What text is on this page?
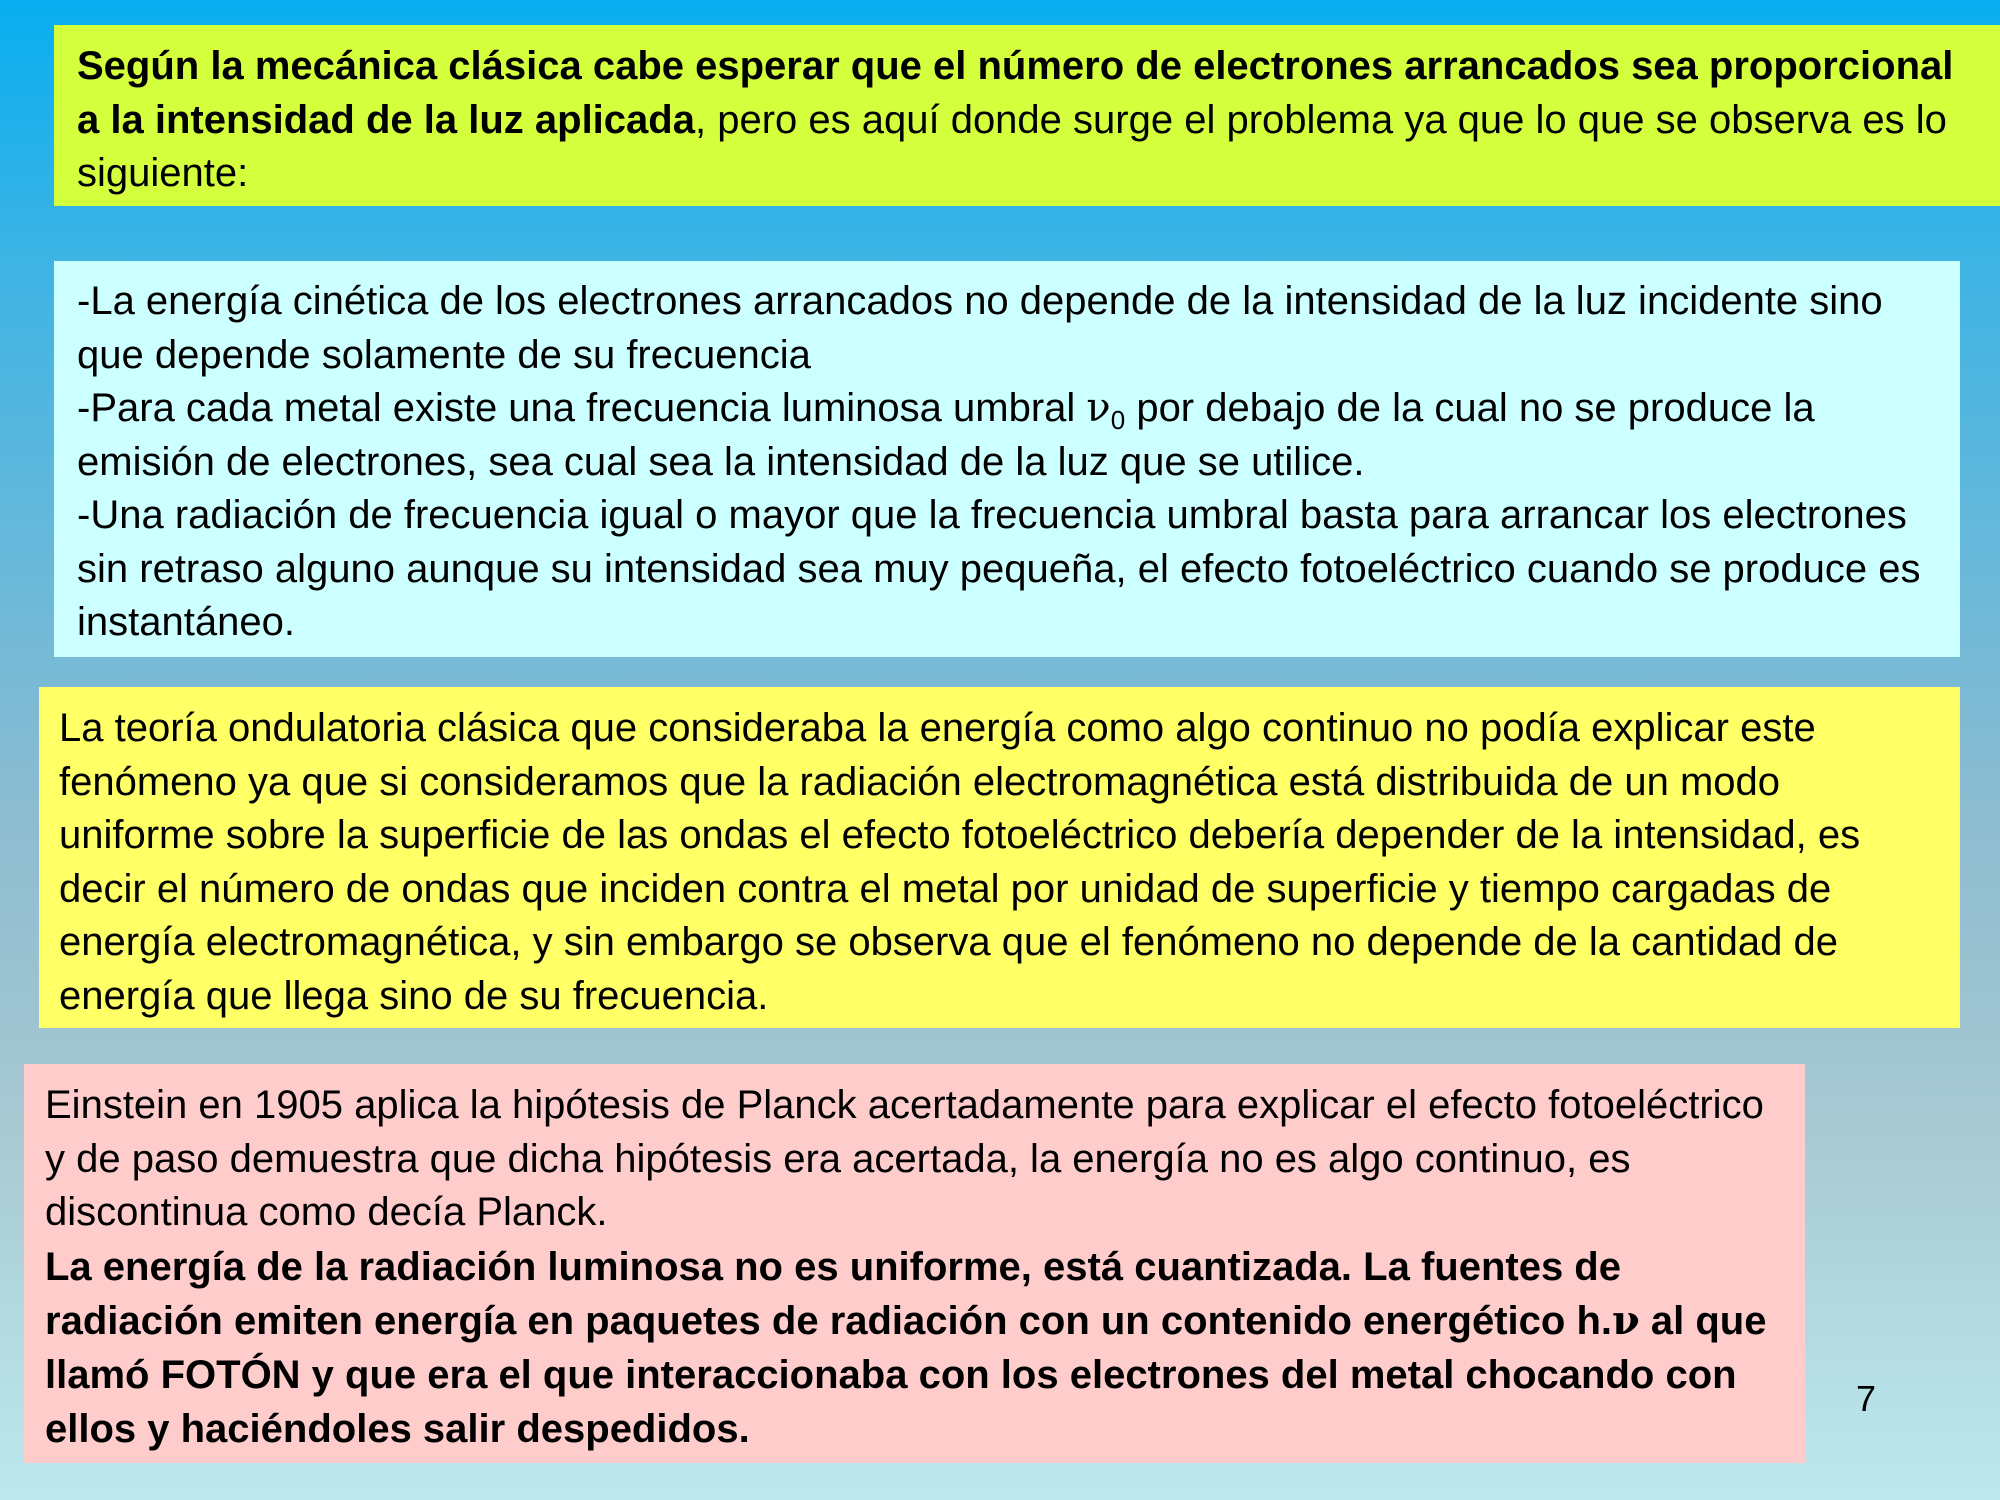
Según la mecánica clásica cabe esperar que el número de electrones arrancados sea proporcional a la intensidad de la luz aplicada, pero es aquí donde surge el problema ya que lo que se observa es lo siguiente:

-La energía cinética de los electrones arrancados no depende de la intensidad de la luz incidente sino que depende solamente de su frecuencia

-Para cada metal existe una frecuencia luminosa umbral $\nu_0$ por debajo de la cual no se produce la emisión de electrones, sea cual sea la intensidad de la luz que se utilice.

-Una radiación de frecuencia igual o mayor que la frecuencia umbral basta para arrancar los electrones sin retraso alguno aunque su intensidad sea muy pequeña, el efecto fotoeléctrico cuando se produce es instantáneo.

La teoría ondulatoria clásica que consideraba la energía como algo continuo no podía explicar este fenómeno ya que si consideramos que la radiación electromagnética está distribuida de un modo uniforme sobre la superficie de las ondas el efecto fotoeléctrico debería depender de la intensidad, es decir el número de ondas que inciden contra el metal por unidad de superficie y tiempo cargadas de energía electromagnética, y sin embargo se observa que el fenómeno no depende de la cantidad de energía que llega sino de su frecuencia.

Einstein en 1905 aplica la hipótesis de Planck acertadamente para explicar el efecto fotoeléctrico y de paso demuestra que dicha hipótesis era acertada, la energía no es algo continuo, es discontinua como decía Planck.

La energía de la radiación luminosa no es uniforme, está cuantizada. La fuentes de radiación emiten energía en paquetes de radiación con un contenido energético h.ν al que llamó FOTÓN y que era el que interaccionaba con los electrones del metal chocando con ellos y haciéndoles salir despedidos.

7
